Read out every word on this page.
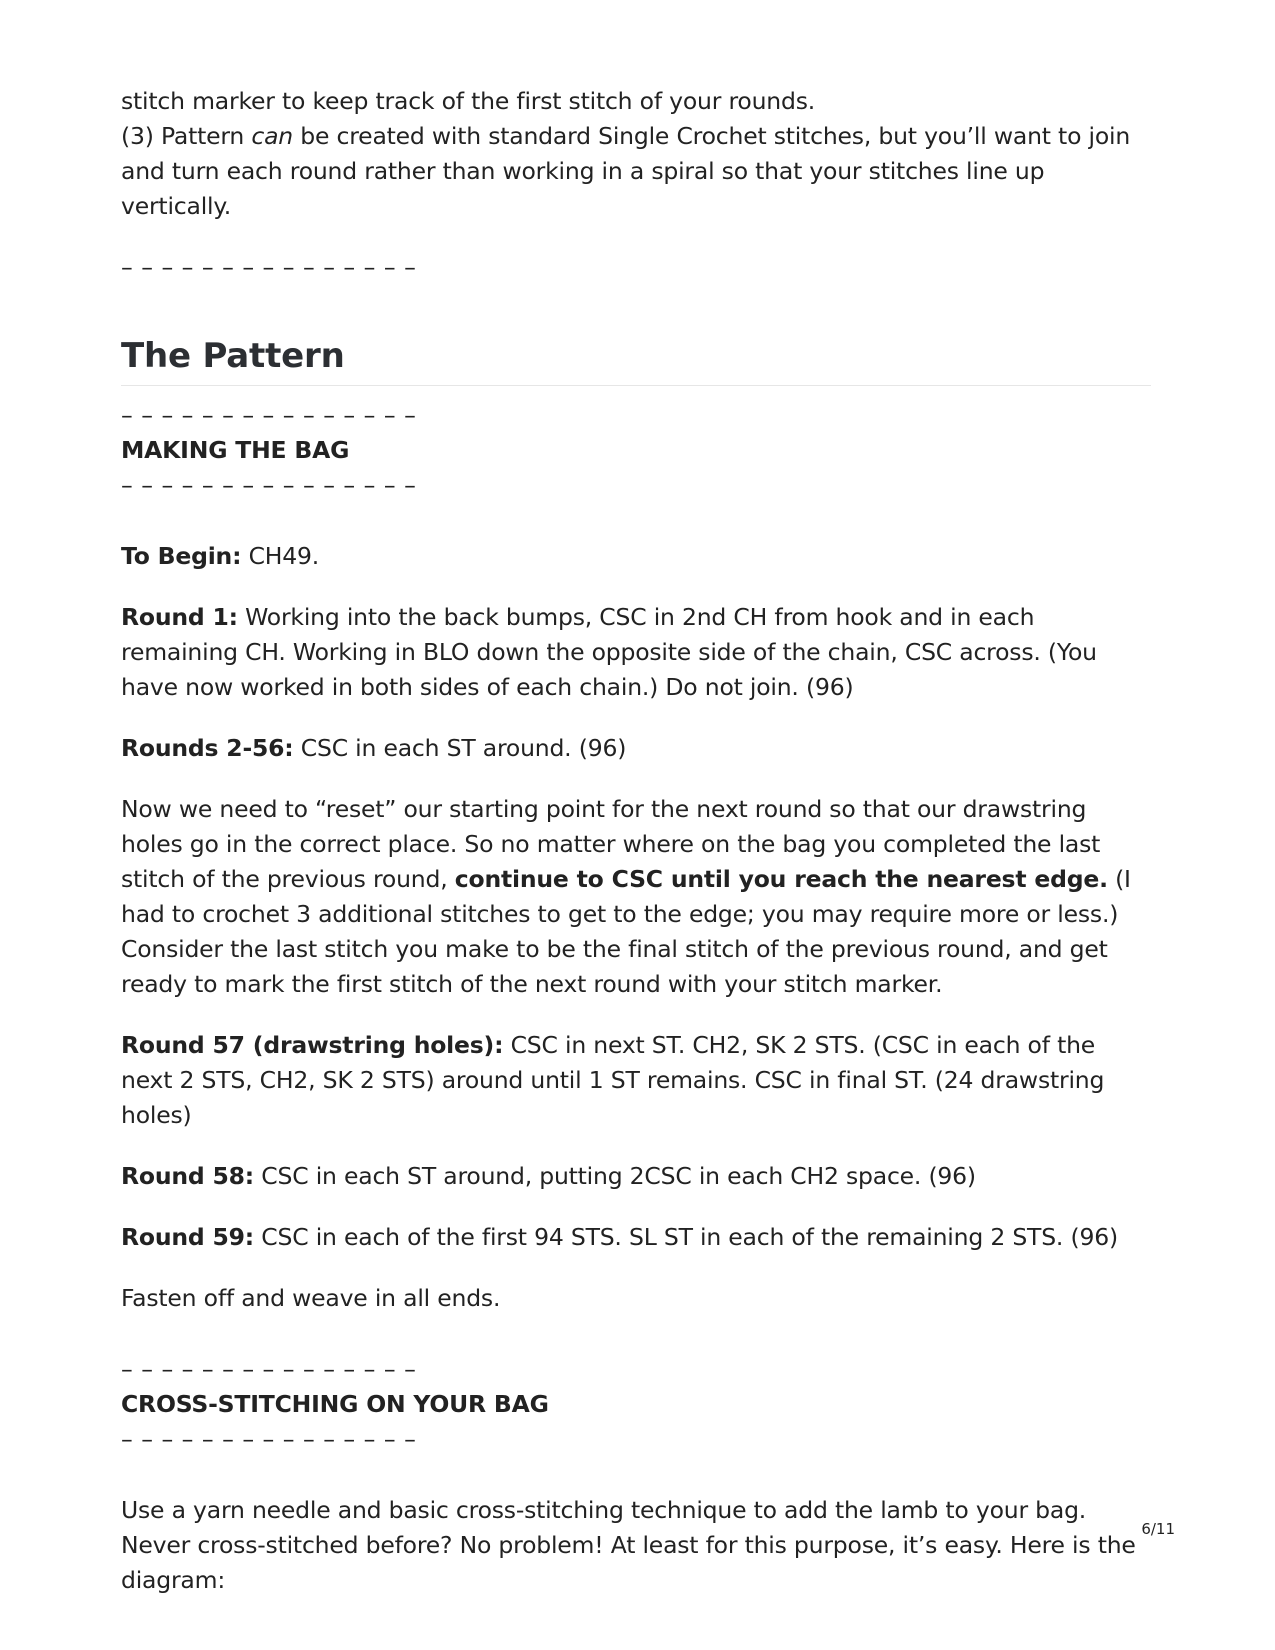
stitch marker to keep track of the first stitch of your rounds.
(3) Pattern can be created with standard Single Crochet stitches, but you’ll want to join and turn each round rather than working in a spiral so that your stitches line up vertically.

– – – – – – – – – – – – – – –
The Pattern
– – – – – – – – – – – – – – –
MAKING THE BAG
– – – – – – – – – – – – – – –

To Begin: CH49.

Round 1: Working into the back bumps, CSC in 2nd CH from hook and in each remaining CH. Working in BLO down the opposite side of the chain, CSC across. (You have now worked in both sides of each chain.) Do not join. (96)

Rounds 2-56: CSC in each ST around. (96)

Now we need to “reset” our starting point for the next round so that our drawstring holes go in the correct place. So no matter where on the bag you completed the last stitch of the previous round, continue to CSC until you reach the nearest edge. (I had to crochet 3 additional stitches to get to the edge; you may require more or less.) Consider the last stitch you make to be the final stitch of the previous round, and get ready to mark the first stitch of the next round with your stitch marker.

Round 57 (drawstring holes): CSC in next ST. CH2, SK 2 STS. (CSC in each of the next 2 STS, CH2, SK 2 STS) around until 1 ST remains. CSC in final ST. (24 drawstring holes)

Round 58: CSC in each ST around, putting 2CSC in each CH2 space. (96)

Round 59: CSC in each of the first 94 STS. SL ST in each of the remaining 2 STS. (96)

Fasten off and weave in all ends.

– – – – – – – – – – – – – – –
CROSS-STITCHING ON YOUR BAG
– – – – – – – – – – – – – – –

Use a yarn needle and basic cross-stitching technique to add the lamb to your bag. Never cross-stitched before? No problem! At least for this purpose, it’s easy. Here is the diagram:

6/11
